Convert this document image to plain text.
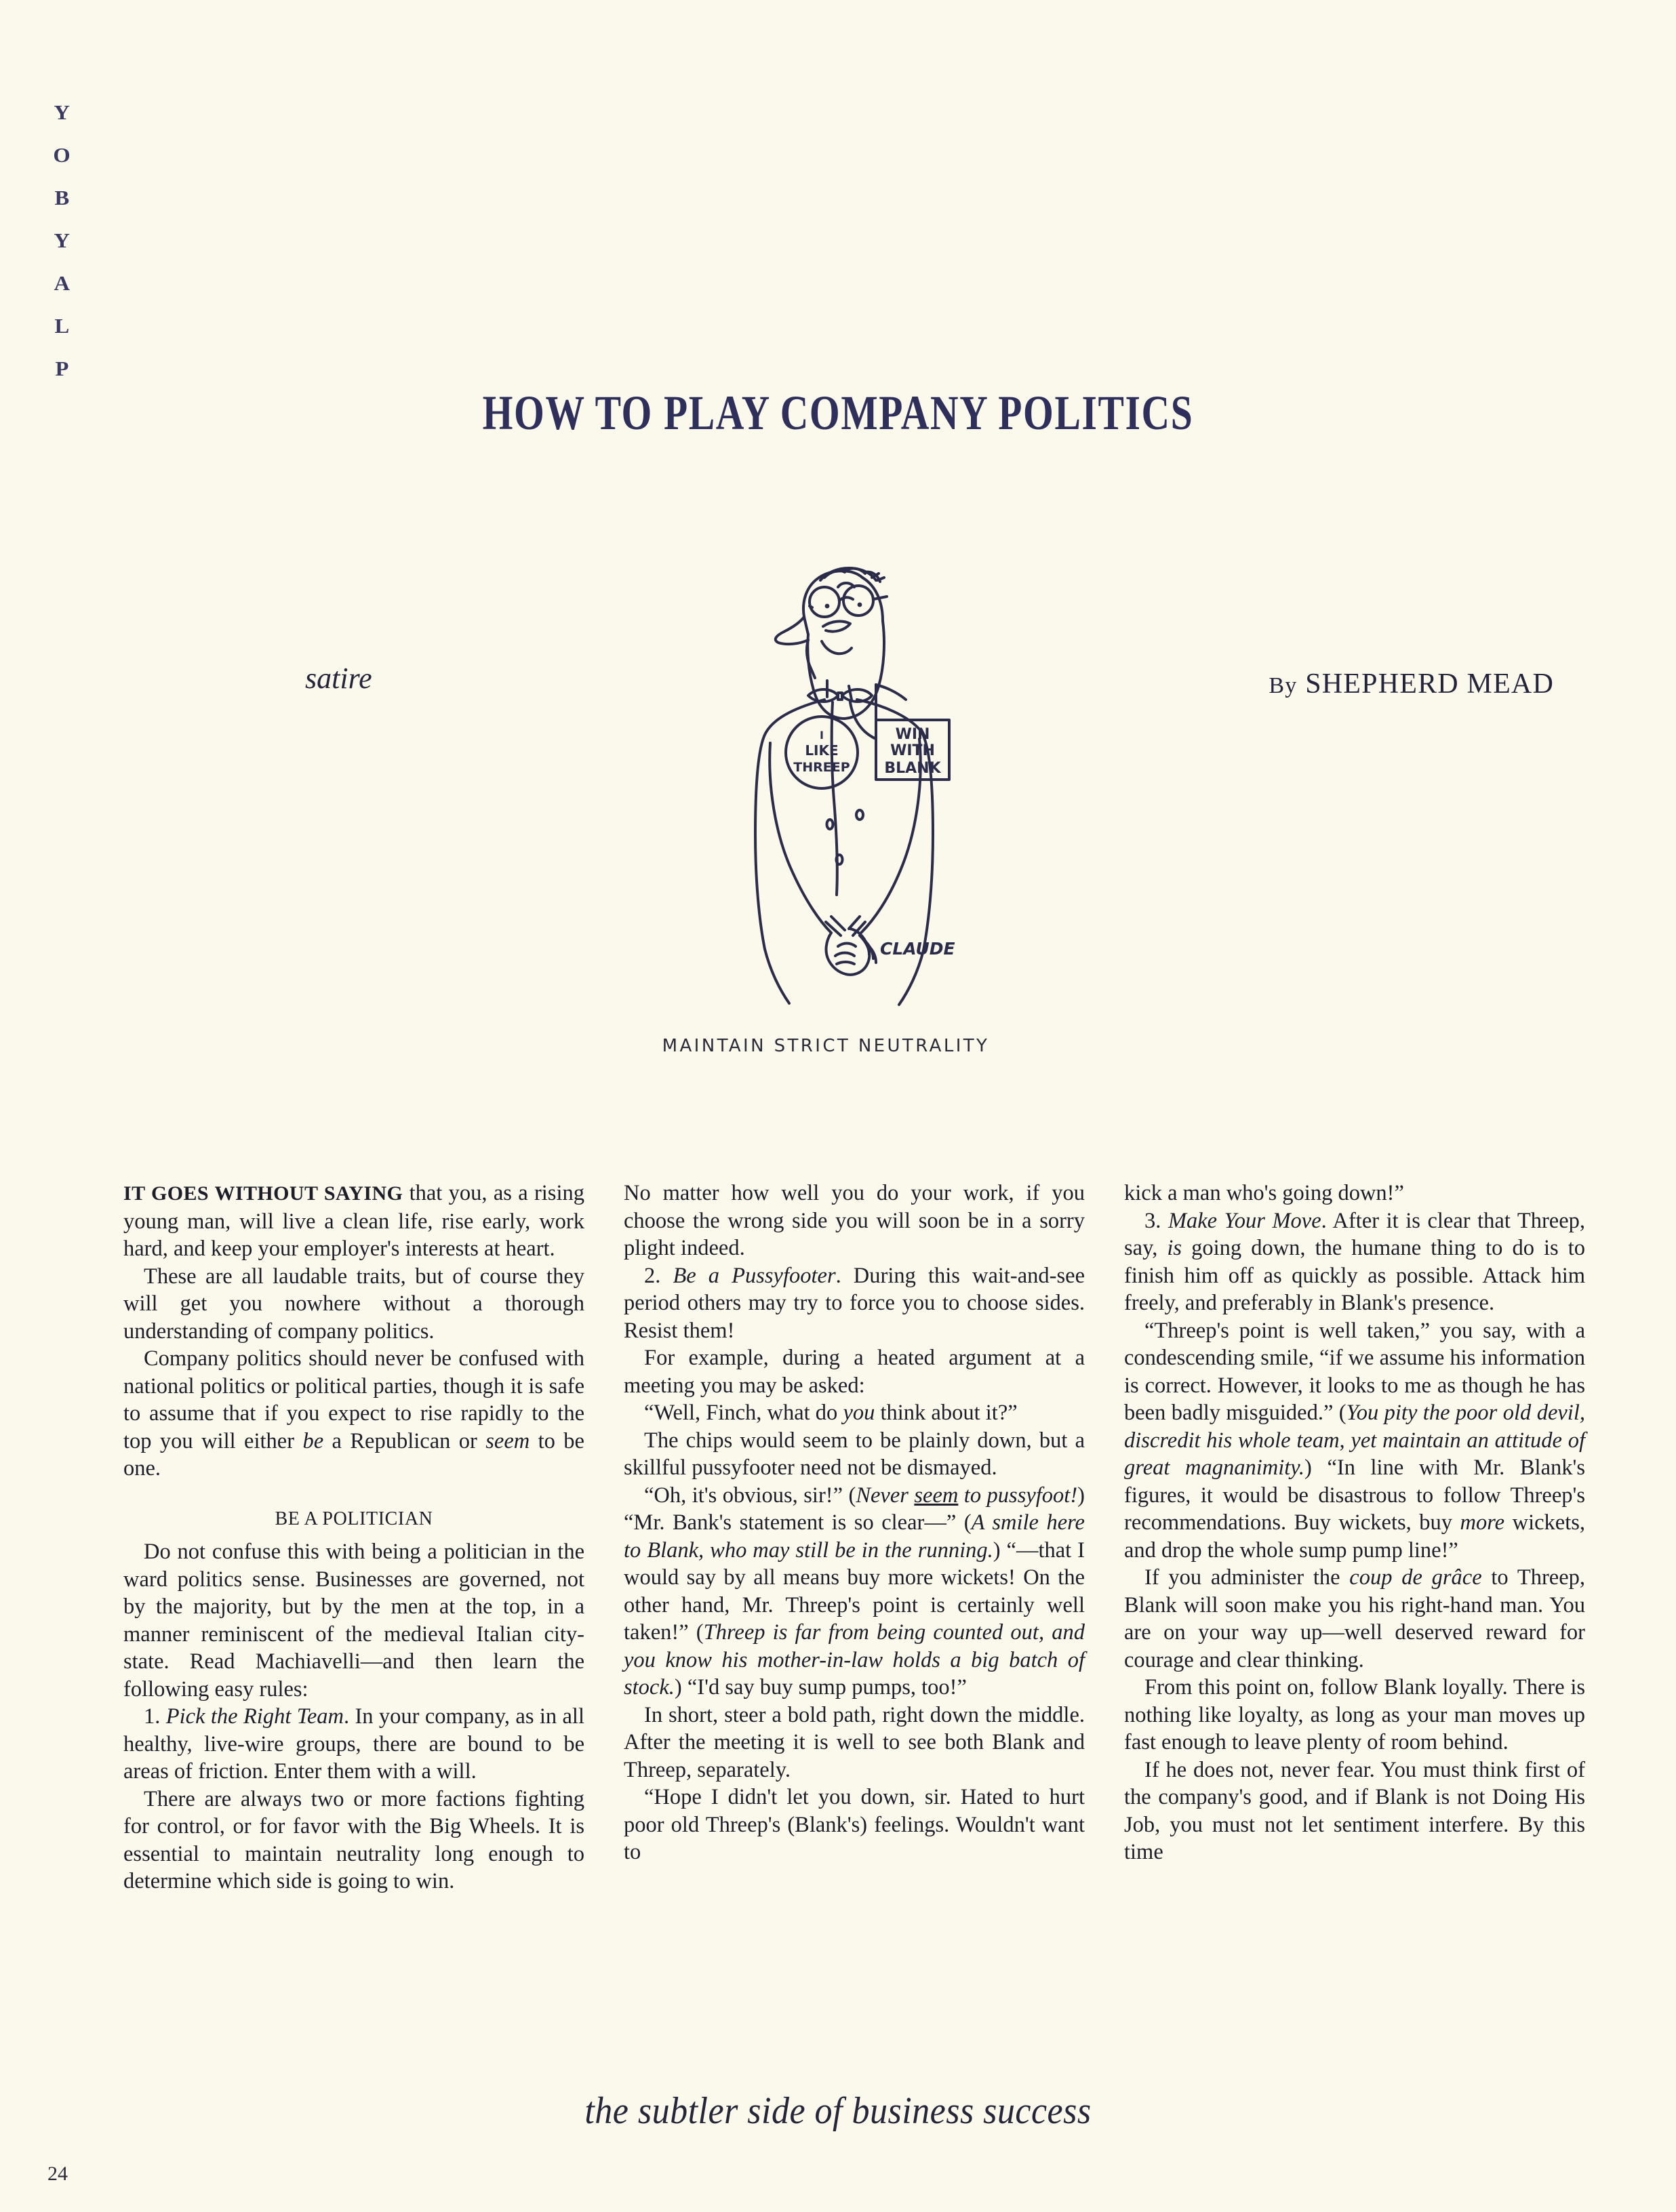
P
L
A
Y
B
O
Y
HOW TO PLAY COMPANY POLITICS
satire	By SHEPHERD MEAD
WIN
WITH
BLANK
I
LIKE
THREEP
CLAUDE
MAINTAIN STRICT NEUTRALITY

IT GOES WITHOUT SAYING that you, as a rising young man, will live a clean life, rise early, work hard, and keep your employer's interests at heart.

These are all laudable traits, but of course they will get you nowhere without a thorough understanding of company politics.

Company politics should never be confused with national politics or political parties, though it is safe to assume that if you expect to rise rapidly to the top you will either be a Republican or seem to be one.

BE A POLITICIAN

Do not confuse this with being a politician in the ward politics sense. Businesses are governed, not by the majority, but by the men at the top, in a manner reminiscent of the medieval Italian city-state. Read Machiavelli—and then learn the following easy rules:

1. Pick the Right Team. In your company, as in all healthy, live-wire groups, there are bound to be areas of friction. Enter them with a will.

There are always two or more factions fighting for control, or for favor with the Big Wheels. It is essential to maintain neutrality long enough to determine which side is going to win.

No matter how well you do your work, if you choose the wrong side you will soon be in a sorry plight indeed.

2. Be a Pussyfooter. During this wait-and-see period others may try to force you to choose sides. Resist them!

For example, during a heated argument at a meeting you may be asked:

“Well, Finch, what do you think about it?”

The chips would seem to be plainly down, but a skillful pussyfooter need not be dismayed.

“Oh, it's obvious, sir!” (Never seem to pussyfoot!) “Mr. Bank's statement is so clear—” (A smile here to Blank, who may still be in the running.) “—that I would say by all means buy more wickets! On the other hand, Mr. Threep's point is certainly well taken!” (Threep is far from being counted out, and you know his mother-in-law holds a big batch of stock.) “I'd say buy sump pumps, too!”

In short, steer a bold path, right down the middle. After the meeting it is well to see both Blank and Threep, separately.

“Hope I didn't let you down, sir. Hated to hurt poor old Threep's (Blank's) feelings. Wouldn't want to

kick a man who's going down!”

3. Make Your Move. After it is clear that Threep, say, is going down, the humane thing to do is to finish him off as quickly as possible. Attack him freely, and preferably in Blank's presence.

“Threep's point is well taken,” you say, with a condescending smile, “if we assume his information is correct. However, it looks to me as though he has been badly misguided.” (You pity the poor old devil, discredit his whole team, yet maintain an attitude of great magnanimity.) “In line with Mr. Blank's figures, it would be disastrous to follow Threep's recommendations. Buy wickets, buy more wickets, and drop the whole sump pump line!”

If you administer the coup de grâce to Threep, Blank will soon make you his right-hand man. You are on your way up—well deserved reward for courage and clear thinking.

From this point on, follow Blank loyally. There is nothing like loyalty, as long as your man moves up fast enough to leave plenty of room behind.

If he does not, never fear. You must think first of the company's good, and if Blank is not Doing His Job, you must not let sentiment interfere. By this time

the subtler side of business success
24
